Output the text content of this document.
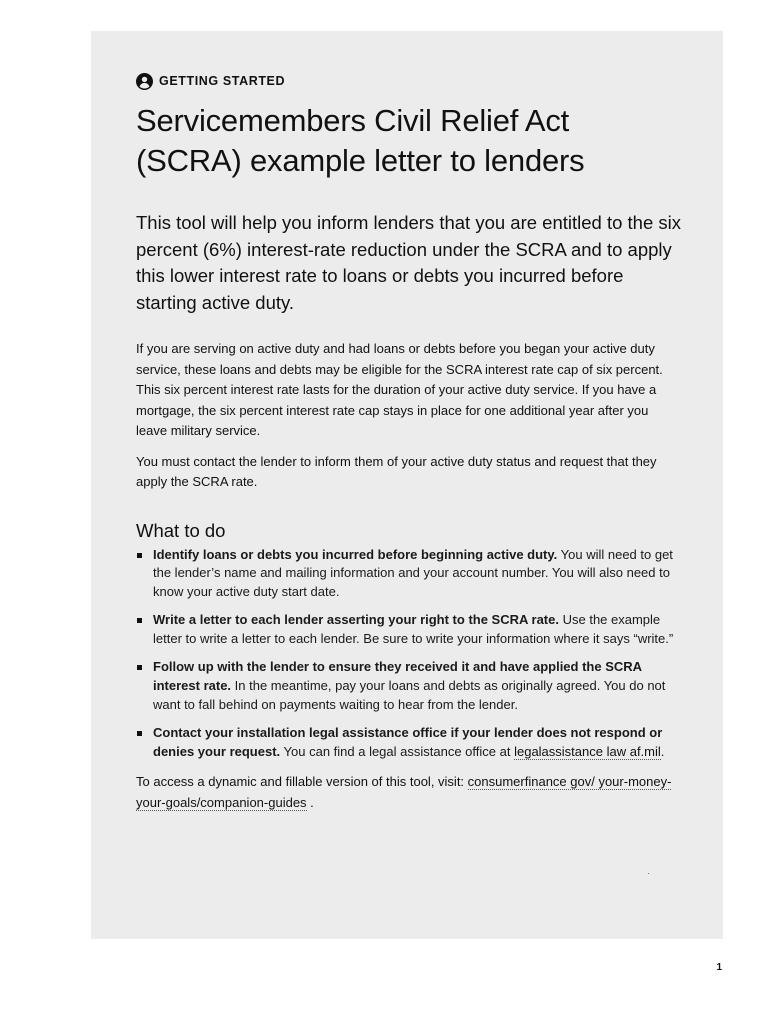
GETTING STARTED
Servicemembers Civil Relief Act (SCRA) example letter to lenders

This tool will help you inform lenders that you are entitled to the six percent (6%) interest-rate reduction under the SCRA and to apply this lower interest rate to loans or debts you incurred before starting active duty.

If you are serving on active duty and had loans or debts before you began your active duty service, these loans and debts may be eligible for the SCRA interest rate cap of six percent. This six percent interest rate lasts for the duration of your active duty service. If you have a mortgage, the six percent interest rate cap stays in place for one additional year after you leave military service.

You must contact the lender to inform them of your active duty status and request that they apply the SCRA rate.

What to do
Identify loans or debts you incurred before beginning active duty. You will need to get the lender’s name and mailing information and your account number. You will also need to know your active duty start date.
Write a letter to each lender asserting your right to the SCRA rate. Use the example letter to write a letter to each lender. Be sure to write your information where it says “write.”
Follow up with the lender to ensure they received it and have applied the SCRA interest rate. In the meantime, pay your loans and debts as originally agreed. You do not want to fall behind on payments waiting to hear from the lender.
Contact your installation legal assistance office if your lender does not respond or denies your request. You can find a legal assistance office at legalassistance law af.mil.

To access a dynamic and fillable version of this tool, visit: consumerfinance gov/ your-money-your-goals/companion-guides .

1
